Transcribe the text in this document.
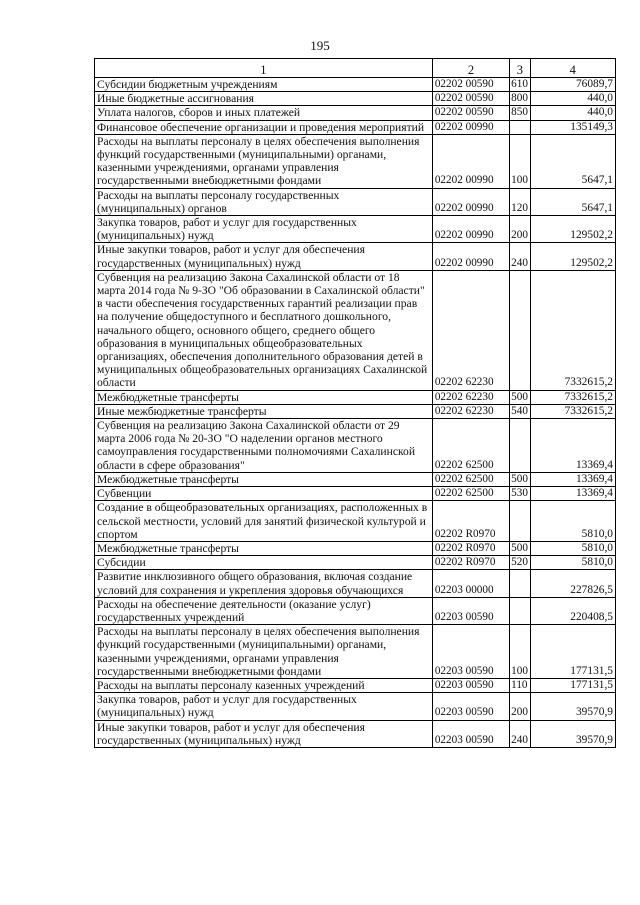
195
1	2	3	4
Субсидии бюджетным учреждениям	02202 00590	610	76089,7
Иные бюджетные ассигнования	02202 00590	800	440,0
Уплата налогов, сборов и иных платежей	02202 00590	850	440,0
Финансовое обеспечение организации и проведения мероприятий	02202 00990		135149,3
Расходы на выплаты персоналу в целях обеспечения выполнения функций государственными (муниципальными) органами, казенными учреждениями, органами управления государственными внебюджетными фондами	02202 00990	100	5647,1
Расходы на выплаты персоналу государственных (муниципальных) органов	02202 00990	120	5647,1
Закупка товаров, работ и услуг для государственных (муниципальных) нужд	02202 00990	200	129502,2
Иные закупки товаров, работ и услуг для обеспечения государственных (муниципальных) нужд	02202 00990	240	129502,2
Субвенция на реализацию Закона Сахалинской области от 18 марта 2014 года № 9-ЗО "Об образовании в Сахалинской области" в части обеспечения государственных гарантий реализации прав на получение общедоступного и бесплатного дошкольного, начального общего, основного общего, среднего общего образования в муниципальных общеобразовательных организациях, обеспечения дополнительного образования детей в муниципальных общеобразовательных организациях Сахалинской области	02202 62230		7332615,2
Межбюджетные трансферты	02202 62230	500	7332615,2
Иные межбюджетные трансферты	02202 62230	540	7332615,2
Субвенция на реализацию Закона Сахалинской области от 29 марта 2006 года № 20-ЗО "О наделении органов местного самоуправления государственными полномочиями Сахалинской области в сфере образования"	02202 62500		13369,4
Межбюджетные трансферты	02202 62500	500	13369,4
Субвенции	02202 62500	530	13369,4
Создание в общеобразовательных организациях, расположенных в сельской местности, условий для занятий физической культурой и спортом	02202 R0970		5810,0
Межбюджетные трансферты	02202 R0970	500	5810,0
Субсидии	02202 R0970	520	5810,0
Развитие инклюзивного общего образования, включая создание условий для сохранения и укрепления здоровья обучающихся	02203 00000		227826,5
Расходы на обеспечение деятельности (оказание услуг) государственных учреждений	02203 00590		220408,5
Расходы на выплаты персоналу в целях обеспечения выполнения функций государственными (муниципальными) органами, казенными учреждениями, органами управления государственными внебюджетными фондами	02203 00590	100	177131,5
Расходы на выплаты персоналу казенных учреждений	02203 00590	110	177131,5
Закупка товаров, работ и услуг для государственных (муниципальных) нужд	02203 00590	200	39570,9
Иные закупки товаров, работ и услуг для обеспечения государственных (муниципальных) нужд	02203 00590	240	39570,9
